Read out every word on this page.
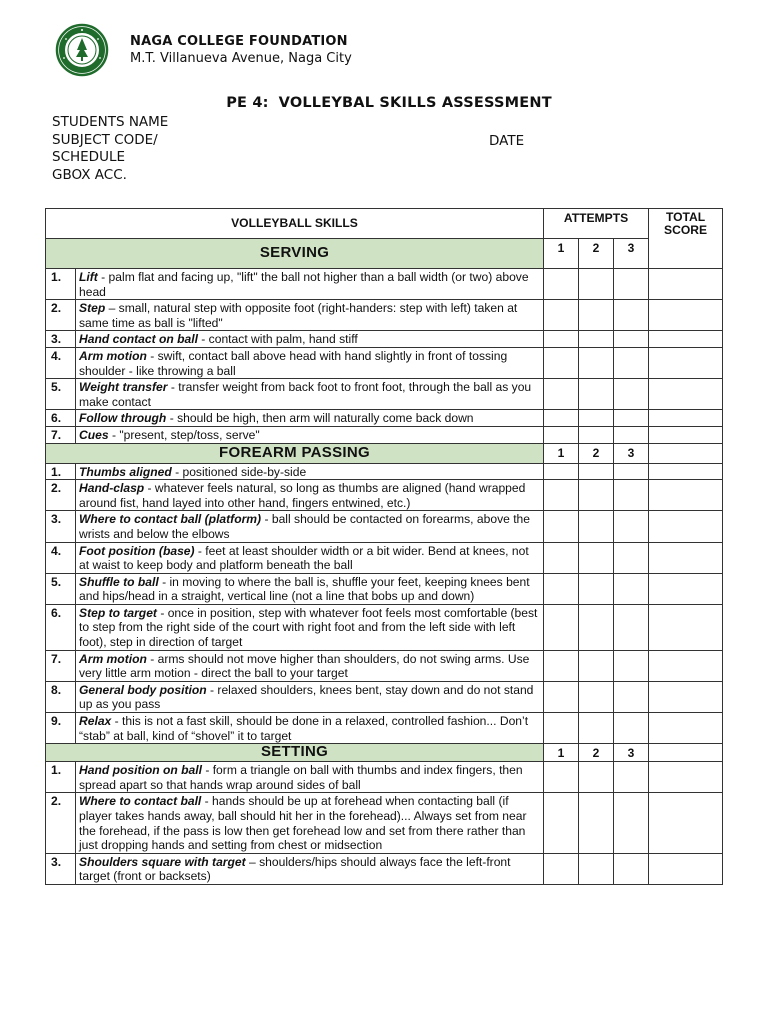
NAGA COLLEGE FOUNDATION
M.T. Villanueva Avenue, Naga City
PE 4: VOLLEYBAL SKILLS ASSESSMENT
STUDENTS NAME
SUBJECT CODE/
SCHEDULE
GBOX ACC.
DATE
VOLLEYBALL SKILLS		ATTEMPTS			TOTAL SCORE
SERVING		1	2	3	
1.	Lift - palm flat and facing up, "lift" the ball not higher than a ball width (or two) above head				
2.	Step – small, natural step with opposite foot (right-handers: step with left) taken at same time as ball is "lifted"				
3.	Hand contact on ball - contact with palm, hand stiff				
4.	Arm motion - swift, contact ball above head with hand slightly in front of tossing shoulder - like throwing a ball				
5.	Weight transfer - transfer weight from back foot to front foot, through the ball as you make contact				
6.	Follow through - should be high, then arm will naturally come back down				
7.	Cues - "present, step/toss, serve"				
FOREARM PASSING		1	2	3	
1.	Thumbs aligned - positioned side-by-side				
2.	Hand-clasp - whatever feels natural, so long as thumbs are aligned (hand wrapped around fist, hand layed into other hand, fingers entwined, etc.)				
3.	Where to contact ball (platform) - ball should be contacted on forearms, above the wrists and below the elbows				
4.	Foot position (base) - feet at least shoulder width or a bit wider. Bend at knees, not at waist to keep body and platform beneath the ball				
5.	Shuffle to ball - in moving to where the ball is, shuffle your feet, keeping knees bent and hips/head in a straight, vertical line (not a line that bobs up and down)				
6.	Step to target - once in position, step with whatever foot feels most comfortable (best to step from the right side of the court with right foot and from the left side with left foot), step in direction of target				
7.	Arm motion - arms should not move higher than shoulders, do not swing arms. Use very little arm motion - direct the ball to your target				
8.	General body position - relaxed shoulders, knees bent, stay down and do not stand up as you pass				
9.	Relax - this is not a fast skill, should be done in a relaxed, controlled fashion... Don’t “stab” at ball, kind of “shovel” it to target				
SETTING		1	2	3	
1.	Hand position on ball - form a triangle on ball with thumbs and index fingers, then spread apart so that hands wrap around sides of ball				
2.	Where to contact ball - hands should be up at forehead when contacting ball (if player takes hands away, ball should hit her in the forehead)... Always set from near the forehead, if the pass is low then get forehead low and set from there rather than just dropping hands and setting from chest or midsection				
3.	Shoulders square with target – shoulders/hips should always face the left-front target (front or backsets)				
